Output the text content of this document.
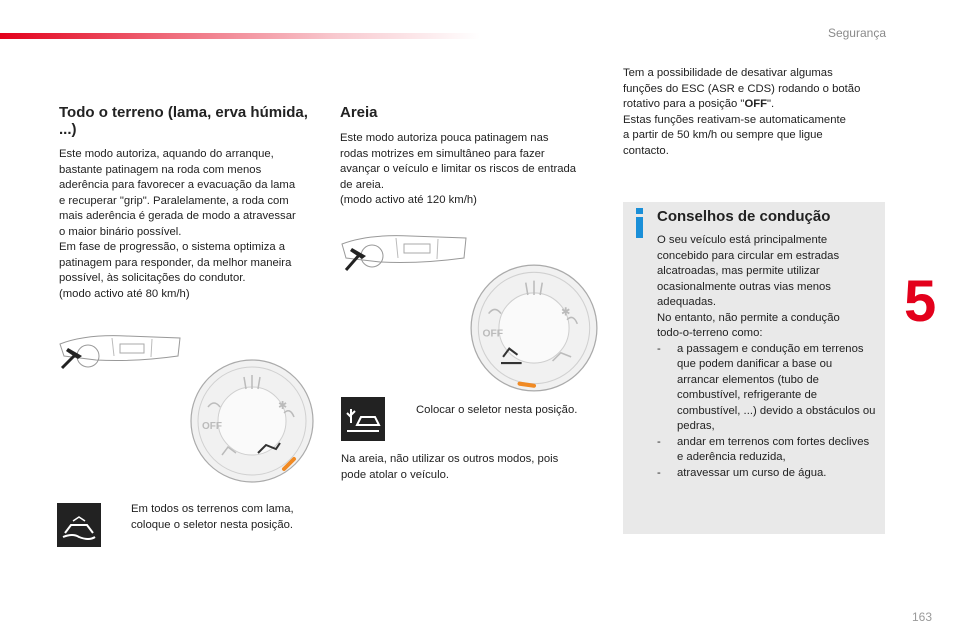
Segurança
5
163
Todo o terreno (lama, erva húmida, ...)

Este modo autoriza, aquando do arranque,
bastante patinagem na roda com menos
aderência para favorecer a evacuação da lama
e recuperar "grip". Paralelamente, a roda com
mais aderência é gerada de modo a atravessar
o maior binário possível.
Em fase de progressão, o sistema optimiza a
patinagem para responder, da melhor maneira
possível, às solicitações do condutor.
(modo activo até 80 km/h)

✱
OFF
Em todos os terrenos com lama,
coloque o seletor nesta posição.
Areia

Este modo autoriza pouca patinagem nas
rodas motrizes em simultâneo para fazer
avançar o veículo e limitar os riscos de entrada
de areia.
(modo activo até 120 km/h)

✱
OFF
Colocar o seletor nesta posição.

Na areia, não utilizar os outros modos, pois
pode atolar o veículo.

Tem a possibilidade de desativar algumas
funções do ESC (ASR e CDS) rodando o botão
rotativo para a posição "OFF".
Estas funções reativam-se automaticamente
a partir de 50 km/h ou sempre que ligue
contacto.

Conselhos de condução

O seu veículo está principalmente
concebido para circular em estradas
alcatroadas, mas permite utilizar
ocasionalmente outras vias menos
adequadas.
No entanto, não permite a condução
todo-o-terreno como:

-	a passagem e condução em terrenos que podem danificar a base ou arrancar elementos (tubo de combustível, refrigerante de combustível, ...) devido a obstáculos ou pedras,
-	andar em terrenos com fortes declives e aderência reduzida,
-	atravessar um curso de água.
